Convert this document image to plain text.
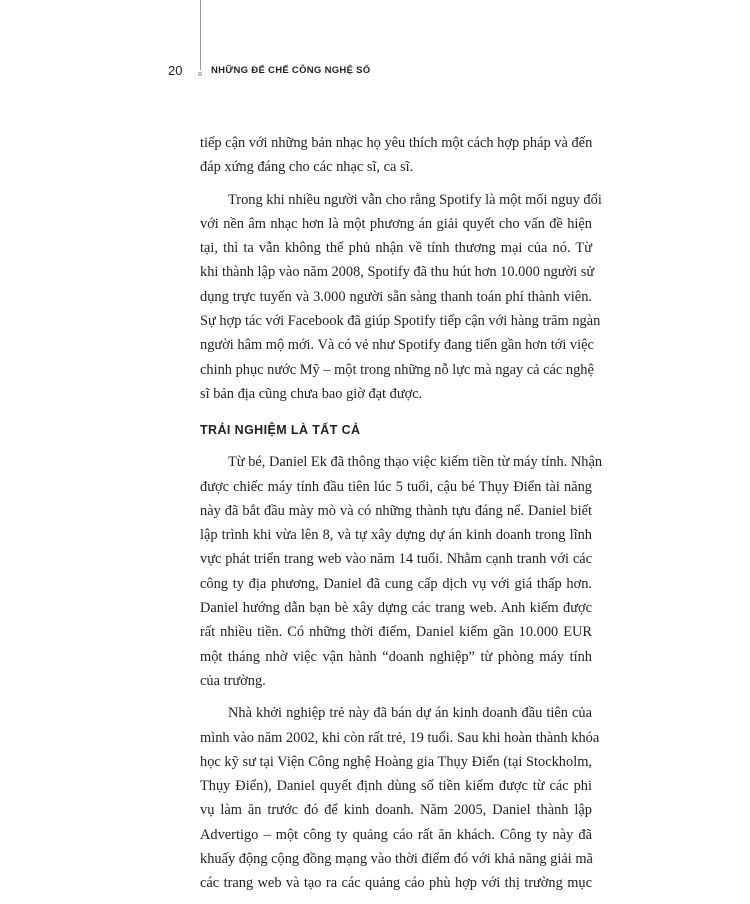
20	NHỮNG ĐẾ CHẾ CÔNG NGHỆ SỐ
tiếp cận với những bản nhạc họ yêu thích một cách hợp pháp và đến
đáp xứng đáng cho các nhạc sĩ, ca sĩ.
Trong khi nhiều người vẫn cho rằng Spotify là một mối nguy đối
với nền âm nhạc hơn là một phương án giải quyết cho vấn đề hiện
tại, thì ta vẫn không thể phủ nhận về tính thương mại của nó. Từ
khi thành lập vào năm 2008, Spotify đã thu hút hơn 10.000 người sử
dụng trực tuyến và 3.000 người sẵn sàng thanh toán phí thành viên.
Sự hợp tác với Facebook đã giúp Spotify tiếp cận với hàng trăm ngàn
người hâm mộ mới. Và có vẻ như Spotify đang tiến gần hơn tới việc
chinh phục nước Mỹ – một trong những nỗ lực mà ngay cả các nghệ
sĩ bản địa cũng chưa bao giờ đạt được.
TRẢI NGHIỆM LÀ TẤT CẢ
Từ bé, Daniel Ek đã thông thạo việc kiếm tiền từ máy tính. Nhận
được chiếc máy tính đầu tiên lúc 5 tuổi, cậu bé Thụy Điển tài năng
này đã bắt đầu mày mò và có những thành tựu đáng nể. Daniel biết
lập trình khi vừa lên 8, và tự xây dựng dự án kinh doanh trong lĩnh
vực phát triển trang web vào năm 14 tuổi. Nhằm cạnh tranh với các
công ty địa phương, Daniel đã cung cấp dịch vụ với giá thấp hơn.
Daniel hướng dẫn bạn bè xây dựng các trang web. Anh kiếm được
rất nhiều tiền. Có những thời điểm, Daniel kiếm gần 10.000 EUR
một tháng nhờ việc vận hành “doanh nghiệp” từ phòng máy tính
của trường.
Nhà khởi nghiệp trẻ này đã bán dự án kinh doanh đầu tiên của
mình vào năm 2002, khi còn rất trẻ, 19 tuổi. Sau khi hoàn thành khóa
học kỹ sư tại Viện Công nghệ Hoàng gia Thụy Điển (tại Stockholm,
Thụy Điển), Daniel quyết định dùng số tiền kiếm được từ các phi
vụ làm ăn trước đó để kinh doanh. Năm 2005, Daniel thành lập
Advertigo – một công ty quảng cáo rất ăn khách. Công ty này đã
khuấy động cộng đồng mạng vào thời điểm đó với khả năng giải mã
các trang web và tạo ra các quảng cáo phù hợp với thị trường mục
